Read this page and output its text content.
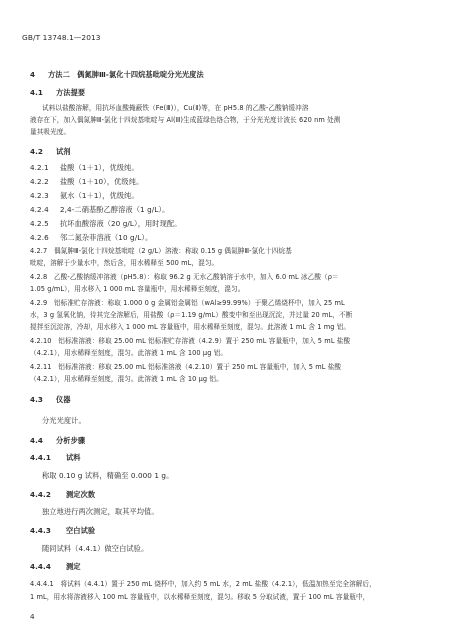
GB/T 13748.1—2013
4 方法二　偶氮胂Ⅲ-氯化十四烷基吡啶分光光度法
4.1 方法提要
试料以盐酸溶解，用抗坏血酸掩蔽铁（Fe(Ⅲ)），Cu(Ⅱ)等，在 pH5.8 的乙酸-乙酸钠缓冲溶
液存在下，加入偶氮胂Ⅲ-氯化十四烷基吡啶与 Al(Ⅲ)生成蓝绿色络合物，于分光光度计波长 620 nm 处测
量其吸光度。
4.2 试剂
4.2.1 盐酸（1＋1），优级纯。
4.2.2 盐酸（1＋10），优级纯。
4.2.3 氨水（1＋1），优级纯。
4.2.4 2,4-二硝基酚乙醇溶液（1 g/L）。
4.2.5 抗坏血酸溶液（20 g/L），用时现配。
4.2.6 邻二氮杂菲溶液（10 g/L）。
4.2.7　偶氮胂Ⅲ-氯化十四烷基吡啶（2 g/L）溶液：称取 0.15 g 偶氮胂Ⅲ-氯化十四烷基
吡啶，溶解于少量水中，然后含，用水稀释至 500 mL，混匀。
4.2.8　乙酸-乙酸钠缓冲溶液（pH5.8）：称取 96.2 g 无水乙酸钠溶于水中，加入 6.0 mL 冰乙酸（ρ＝
1.05 g/mL），用水移入 1 000 mL 容量瓶中，用水稀释至刻度，混匀。
4.2.9　铝标准贮存溶液：称取 1.000 0 g 金属铝金属铝（wAl≥99.99%）于聚乙烯烧杯中，加入 25 mL
水，3 g 氢氧化钠，待其完全溶解后，用盐酸（ρ＝1.19 g/mL）酸变中和至出现沉淀，并过量 20 mL，不断
搅拌至沉淀溶，冷却，用水移入 1 000 mL 容量瓶中，用水稀释至刻度，混匀。此溶液 1 mL 含 1 mg 铝。
4.2.10　铝标准溶液：移取 25.00 mL 铝标准贮存溶液（4.2.9）置于 250 mL 容量瓶中，加入 5 mL 盐酸
（4.2.1），用水稀释至刻度，混匀。此溶液 1 mL 含 100 μg 铝。
4.2.11　铝标准溶液：移取 25.00 mL 铝标准溶液（4.2.10）置于 250 mL 容量瓶中，加入 5 mL 盐酸
（4.2.1），用水稀释至刻度，混匀。此溶液 1 mL 含 10 μg 铝。
4.3 仪器
分光光度计。
4.4 分析步骤
4.4.1 试料
称取 0.10 g 试料，精确至 0.000 1 g。
4.4.2 测定次数
独立地进行两次测定，取其平均值。
4.4.3 空白试验
随同试料（4.4.1）做空白试验。
4.4.4 测定
4.4.4.1　将试料（4.4.1）置于 250 mL 烧杯中，加入约 5 mL 水，2 mL 盐酸（4.2.1），低温加热至完全溶解后，
1 mL，用水将溶液移入 100 mL 容量瓶中，以水稀释至刻度，混匀。移取 5 分取试液，置于 100 mL 容量瓶中，
4
